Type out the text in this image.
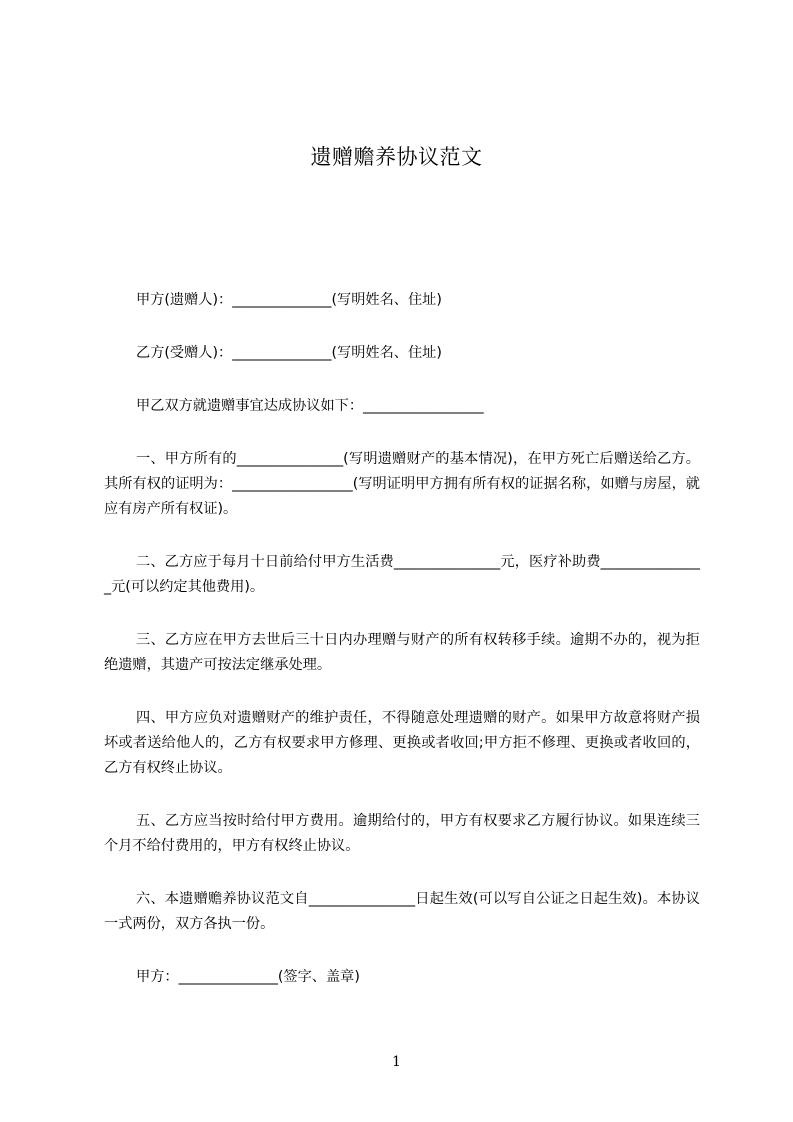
遗赠赡养协议范文

甲方(遗赠人)：______________(写明姓名、住址)

乙方(受赠人)：______________(写明姓名、住址)

甲乙双方就遗赠事宜达成协议如下：_________________

一、甲方所有的_______________(写明遗赠财产的基本情况)，在甲方死亡后赠送给乙方。其所有权的证明为：_________________(写明证明甲方拥有所有权的证据名称，如赠与房屋，就应有房产所有权证)。

二、乙方应于每月十日前给付甲方生活费_______________元，医疗补助费_______________元(可以约定其他费用)。

三、乙方应在甲方去世后三十日内办理赠与财产的所有权转移手续。逾期不办的，视为拒绝遗赠，其遗产可按法定继承处理。

四、甲方应负对遗赠财产的维护责任，不得随意处理遗赠的财产。如果甲方故意将财产损坏或者送给他人的，乙方有权要求甲方修理、更换或者收回;甲方拒不修理、更换或者收回的，乙方有权终止协议。

五、乙方应当按时给付甲方费用。逾期给付的，甲方有权要求乙方履行协议。如果连续三个月不给付费用的，甲方有权终止协议。

六、本遗赠赡养协议范文自_______________日起生效(可以写自公证之日起生效)。本协议一式两份，双方各执一份。

甲方：______________(签字、盖章)

1
